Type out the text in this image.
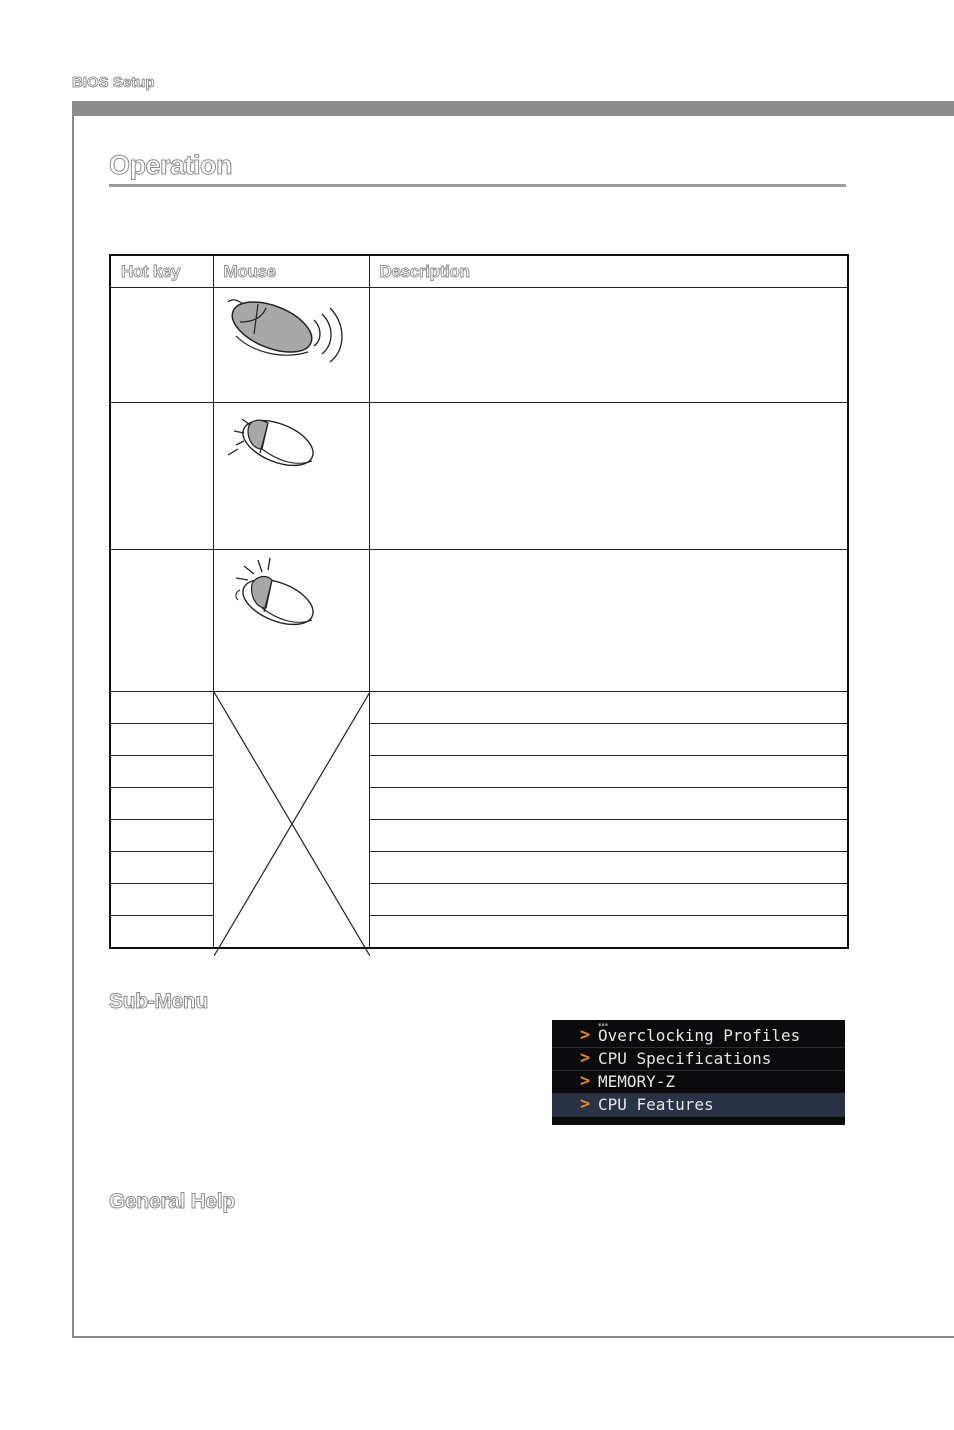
BIOS Setup
Operation
Hot key	Mouse	Description

Sub-Menu
…
> Overclocking Profiles
> CPU Specifications
> MEMORY-Z
> CPU Features
General Help
